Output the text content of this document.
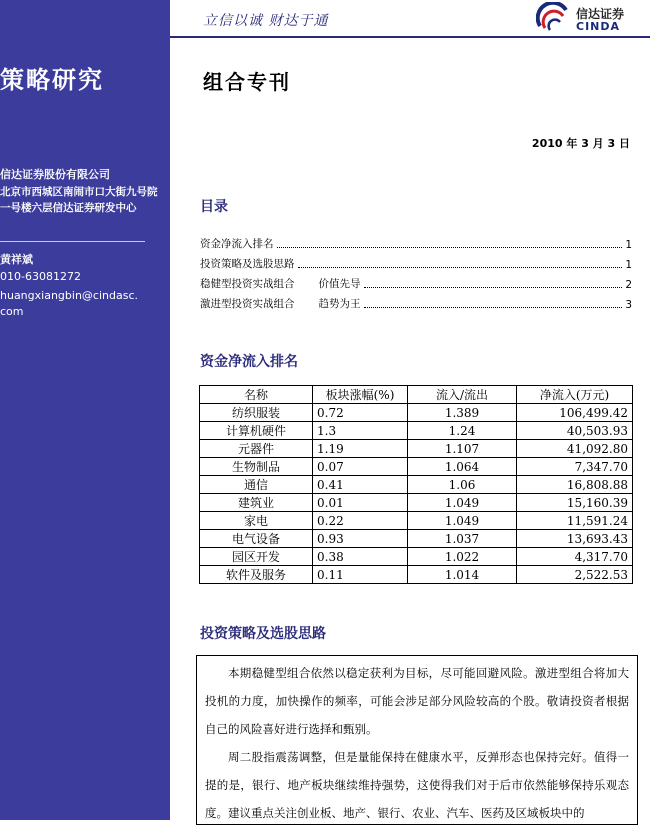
策略研究
信达证券股份有限公司
北京市西城区南闹市口大街九号院一号楼六层信达证券研发中心
黄祥斌
010-63081272
huangxiangbin@cindasc.com
立信以诚 财达于通	信达证券
CINDA
组合专刊
2010 年 3 月 3 日
目录
资金净流入排名	1
投资策略及选股思路	1
稳健型投资实战组合 价值先导	2
激进型投资实战组合 趋势为王	3
资金净流入排名
名称	板块涨幅(%)	流入/流出	净流入(万元)
纺织服装	0.72	1.389	106,499.42
计算机硬件	1.3	1.24	40,503.93
元器件	1.19	1.107	41,092.80
生物制品	0.07	1.064	7,347.70
通信	0.41	1.06	16,808.88
建筑业	0.01	1.049	15,160.39
家电	0.22	1.049	11,591.24
电气设备	0.93	1.037	13,693.43
园区开发	0.38	1.022	4,317.70
软件及服务	0.11	1.014	2,522.53
投资策略及选股思路

本期稳健型组合依然以稳定获利为目标，尽可能回避风险。激进型组合将加大投机的力度，加快操作的频率，可能会涉足部分风险较高的个股。敬请投资者根据自己的风险喜好进行选择和甄别。

周二股指震荡调整，但是量能保持在健康水平，反弹形态也保持完好。值得一提的是，银行、地产板块继续维持强势，这使得我们对于后市依然能够保持乐观态度。建议重点关注创业板、地产、银行、农业、汽车、医药及区域板块中的
